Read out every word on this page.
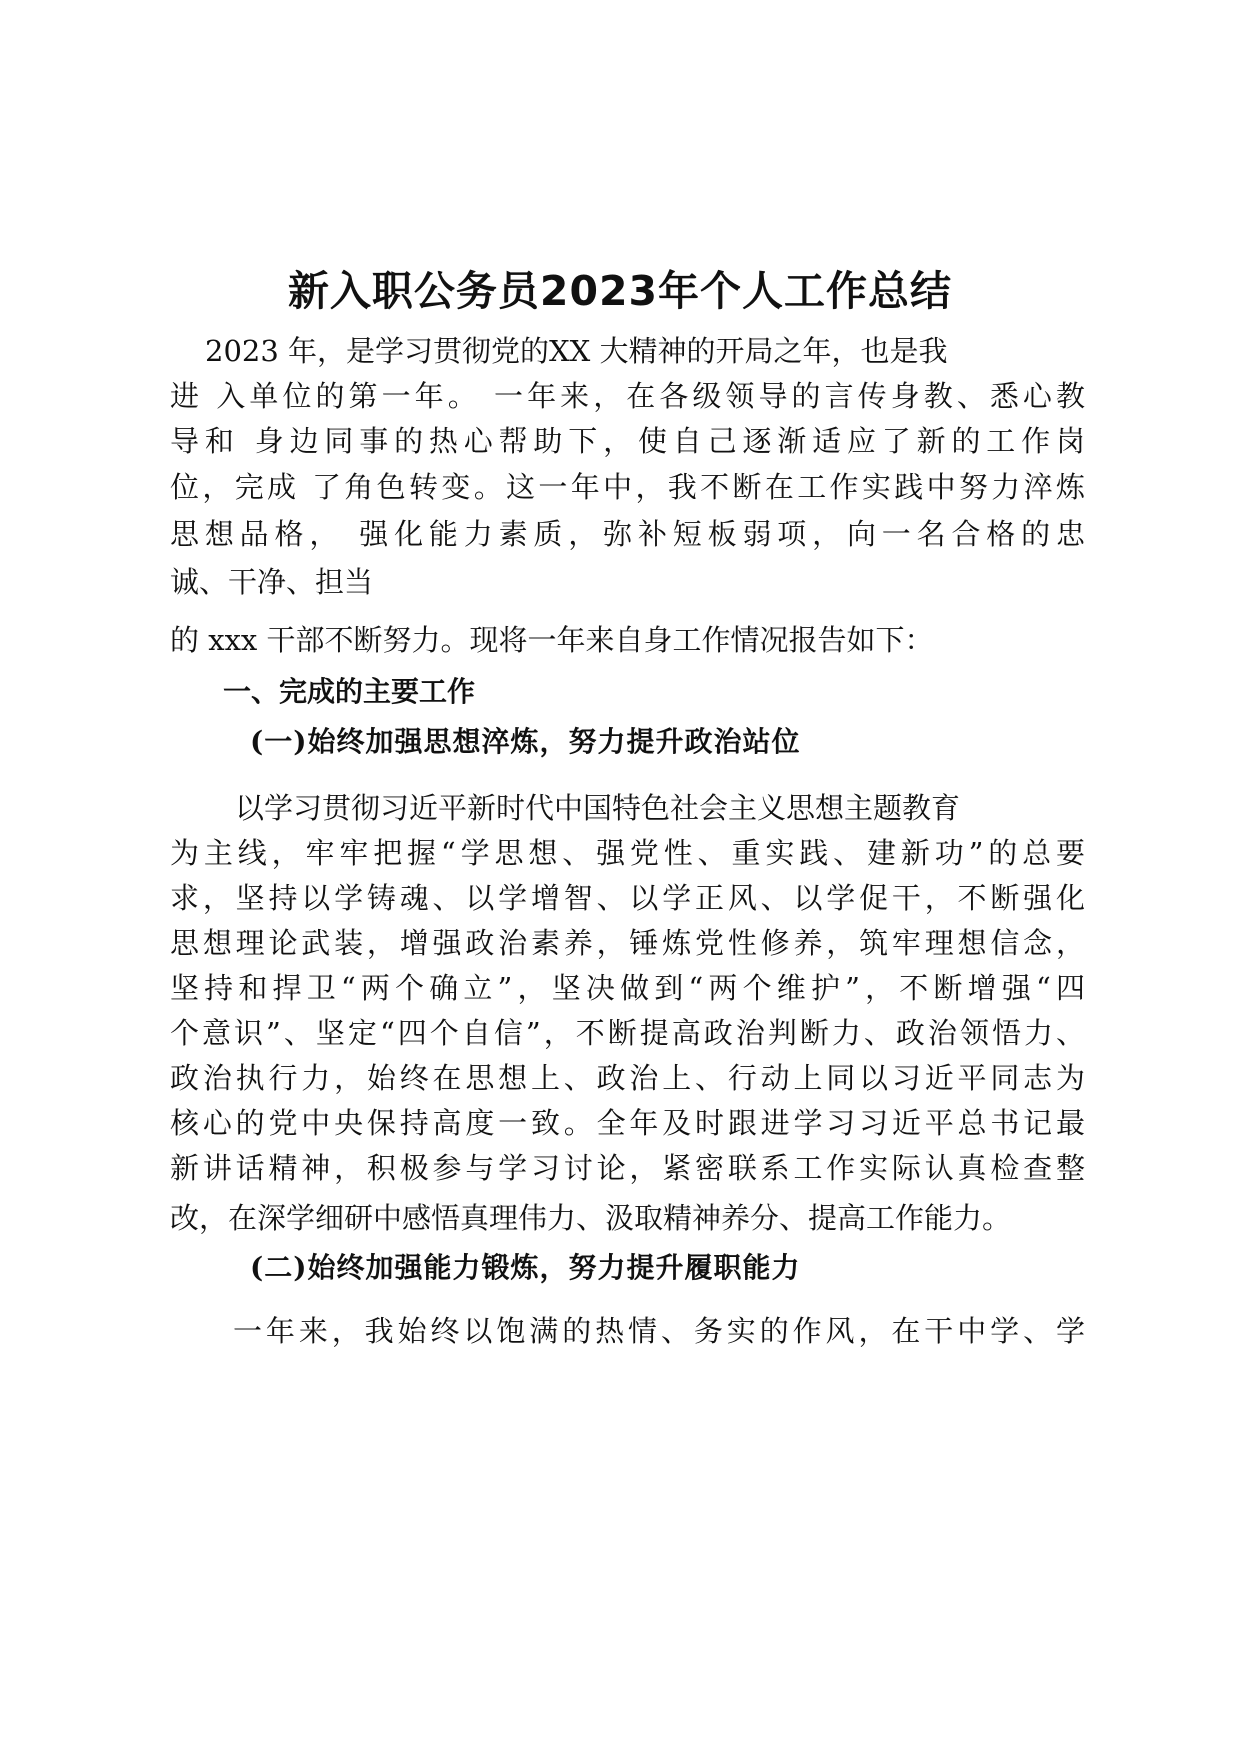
新入职公务员2023年个人工作总结
2023 年，是学习贯彻党的XX 大精神的开局之年，也是我
进 入单位的第一年。 一年来，在各级领导的言传身教、悉心教
导和 身边同事的热心帮助下，使自己逐渐适应了新的工作岗
位，完成 了角色转变。这一年中，我不断在工作实践中努力淬炼
思想品格， 强化能力素质，弥补短板弱项，向一名合格的忠
诚、干净、担当
的 xxx 干部不断努力。现将一年来自身工作情况报告如下：
一、完成的主要工作
(一)始终加强思想淬炼，努力提升政治站位
以学习贯彻习近平新时代中国特色社会主义思想主题教育
为主线，牢牢把握“学思想、强党性、重实践、建新功”的总要
求，坚持以学铸魂、以学增智、以学正风、以学促干，不断强化
思想理论武装，增强政治素养，锤炼党性修养，筑牢理想信念，
坚持和捍卫“两个确立”，坚决做到“两个维护”，不断增强“四
个意识”、坚定“四个自信”，不断提高政治判断力、政治领悟力、
政治执行力，始终在思想上、政治上、行动上同以习近平同志为
核心的党中央保持高度一致。全年及时跟进学习习近平总书记最
新讲话精神，积极参与学习讨论，紧密联系工作实际认真检查整
改，在深学细研中感悟真理伟力、汲取精神养分、提高工作能力。
(二)始终加强能力锻炼，努力提升履职能力
一年来，我始终以饱满的热情、务实的作风，在干中学、学
